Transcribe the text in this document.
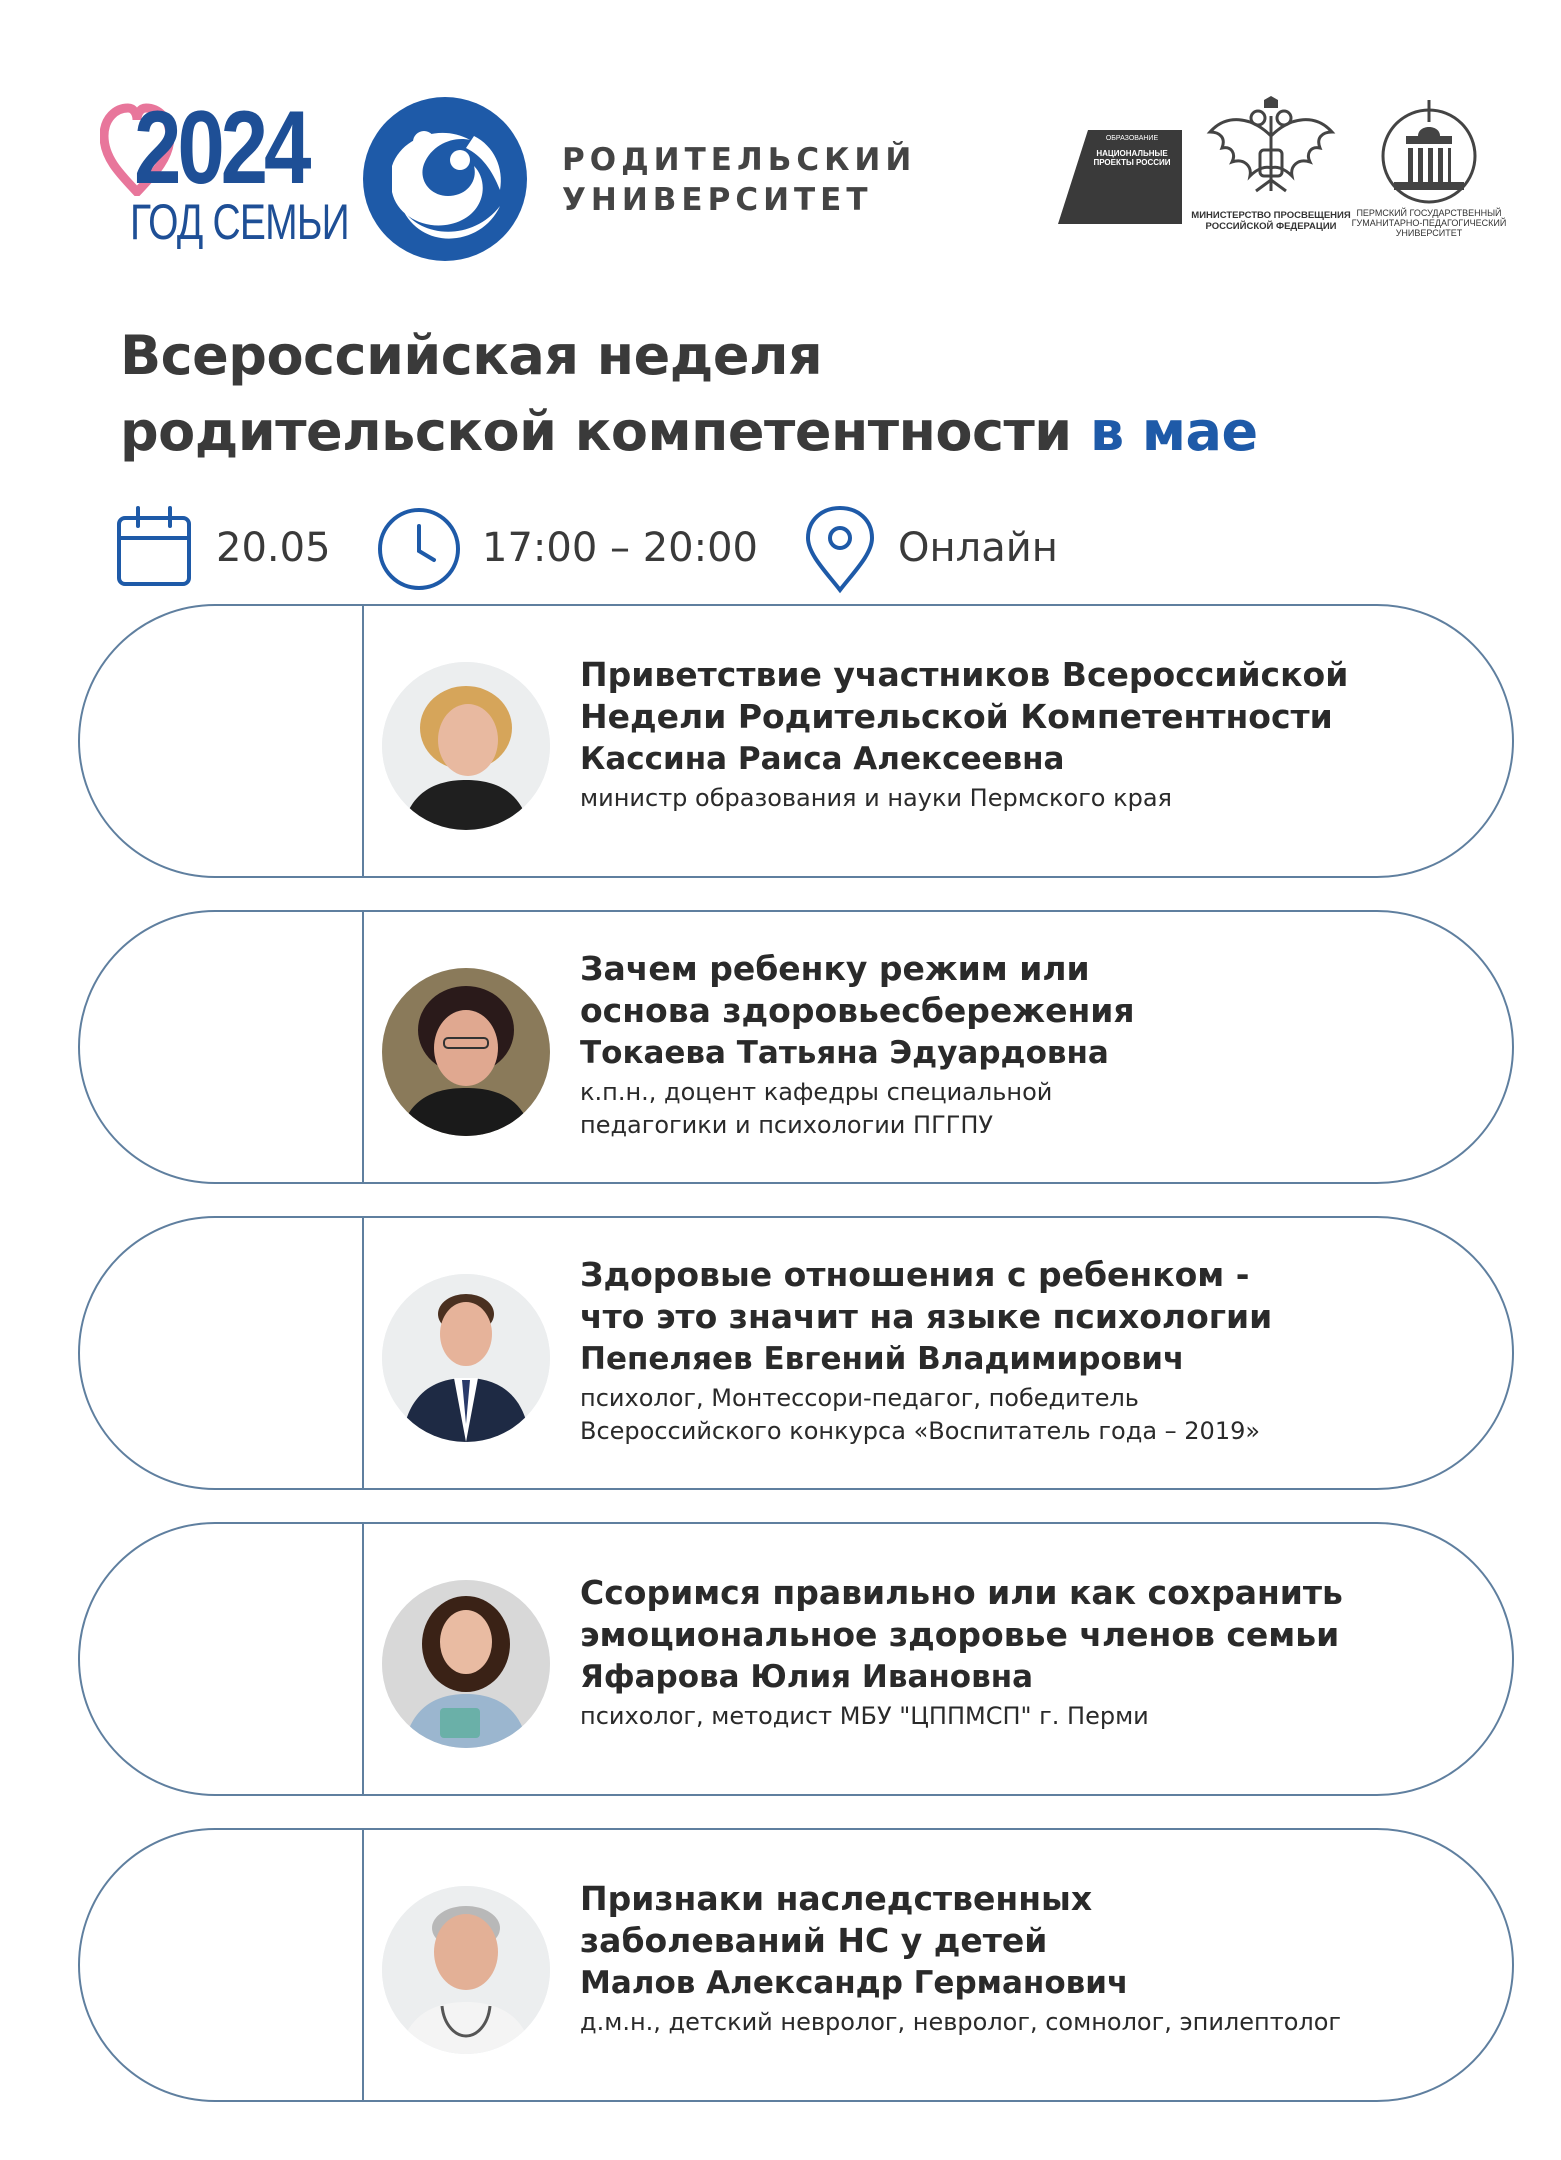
2024
ГОД СЕМЬИ
РОДИТЕЛЬСКИЙ
УНИВЕРСИТЕТ
ОБРАЗОВАНИЕ
НАЦИОНАЛЬНЫЕ ПРОЕКТЫ РОССИИ
МИНИСТЕРСТВО ПРОСВЕЩЕНИЯ РОССИЙСКОЙ ФЕДЕРАЦИИ
ПЕРМСКИЙ ГОСУДАРСТВЕННЫЙ ГУМАНИТАРНО-ПЕДАГОГИЧЕСКИЙ УНИВЕРСИТЕТ
Всероссийская неделя
родительской компетентности в мае
20.05	17:00 – 20:00	Онлайн
Приветствие участников Всероссийской
Недели Родительской Компетентности
Кассина Раиса Алексеевна
министр образования и науки Пермского края
Зачем ребенку режим или
основа здоровьесбережения
Токаева Татьяна Эдуардовна
к.п.н., доцент кафедры специальной
педагогики и психологии ПГГПУ
Здоровые отношения с ребенком -
что это значит на языке психологии
Пепеляев Евгений Владимирович
психолог, Монтессори-педагог, победитель
Всероссийского конкурса «Воспитатель года – 2019»
Ссоримся правильно или как сохранить
эмоциональное здоровье членов семьи
Яфарова Юлия Ивановна
психолог, методист МБУ "ЦППМСП" г. Перми
Признаки наследственных
заболеваний НС у детей
Малов Александр Германович
д.м.н., детский невролог, невролог, сомнолог, эпилептолог
